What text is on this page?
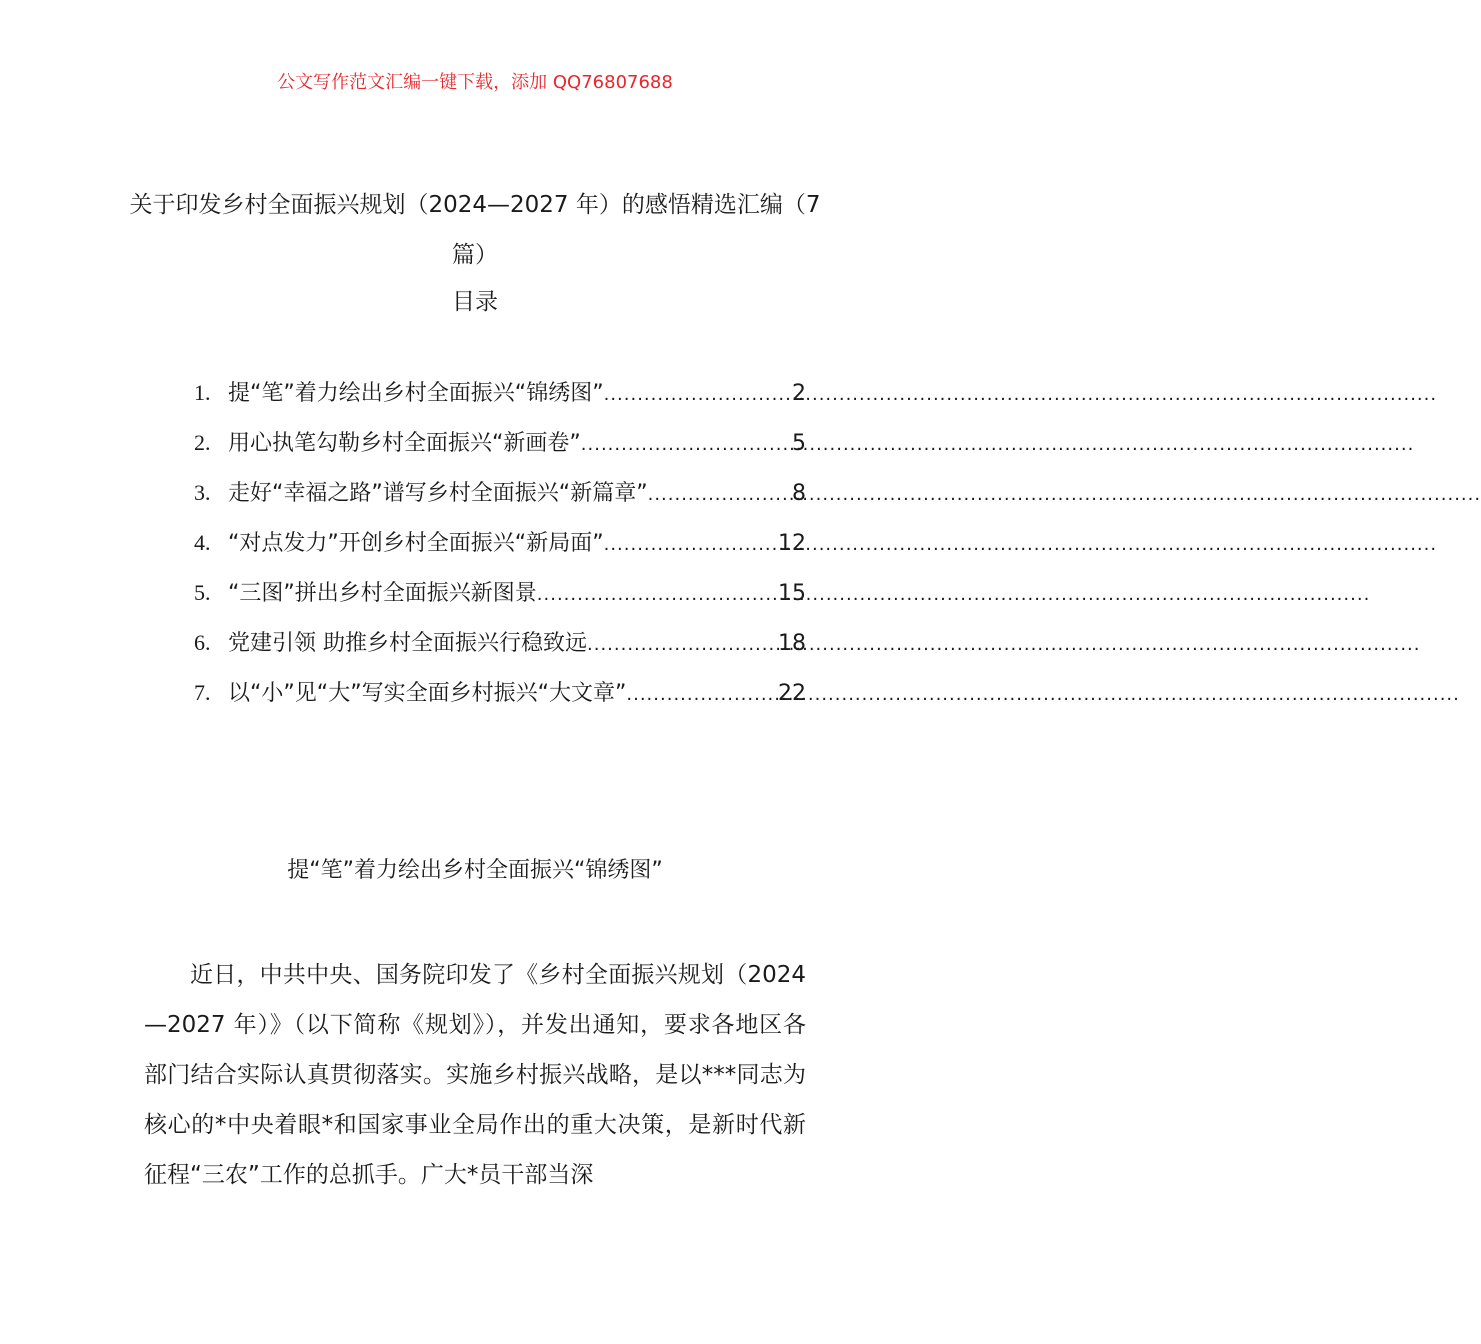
公文写作范文汇编一键下载，添加 QQ76807688
关于印发乡村全面振兴规划（2024—2027 年）的感悟精选汇编（7 篇）
目录
1. 提“笔”着力绘出乡村全面振兴“锦绣图” .....	2
2. 用心执笔勾勒乡村全面振兴“新画卷” .....	5
3. 走好“幸福之路”谱写乡村全面振兴“新篇章” .....	8
4. “对点发力”开创乡村全面振兴“新局面” .....	12
5. “三图”拼出乡村全面振兴新图景 .....	15
6. 党建引领 助推乡村全面振兴行稳致远 .....	18
7. 以“小”见“大”写实全面乡村振兴“大文章” .....	22
提“笔”着力绘出乡村全面振兴“锦绣图”
近日，中共中央、国务院印发了《乡村全面振兴规划（2024—2027 年）》（以下简称《规划》），并发出通知，要求各地区各部门结合实际认真贯彻落实。实施乡村振兴战略，是以***同志为核心的*中央着眼*和国家事业全局作出的重大决策，是新时代新征程“三农”工作的总抓手。广大*员干部当深
